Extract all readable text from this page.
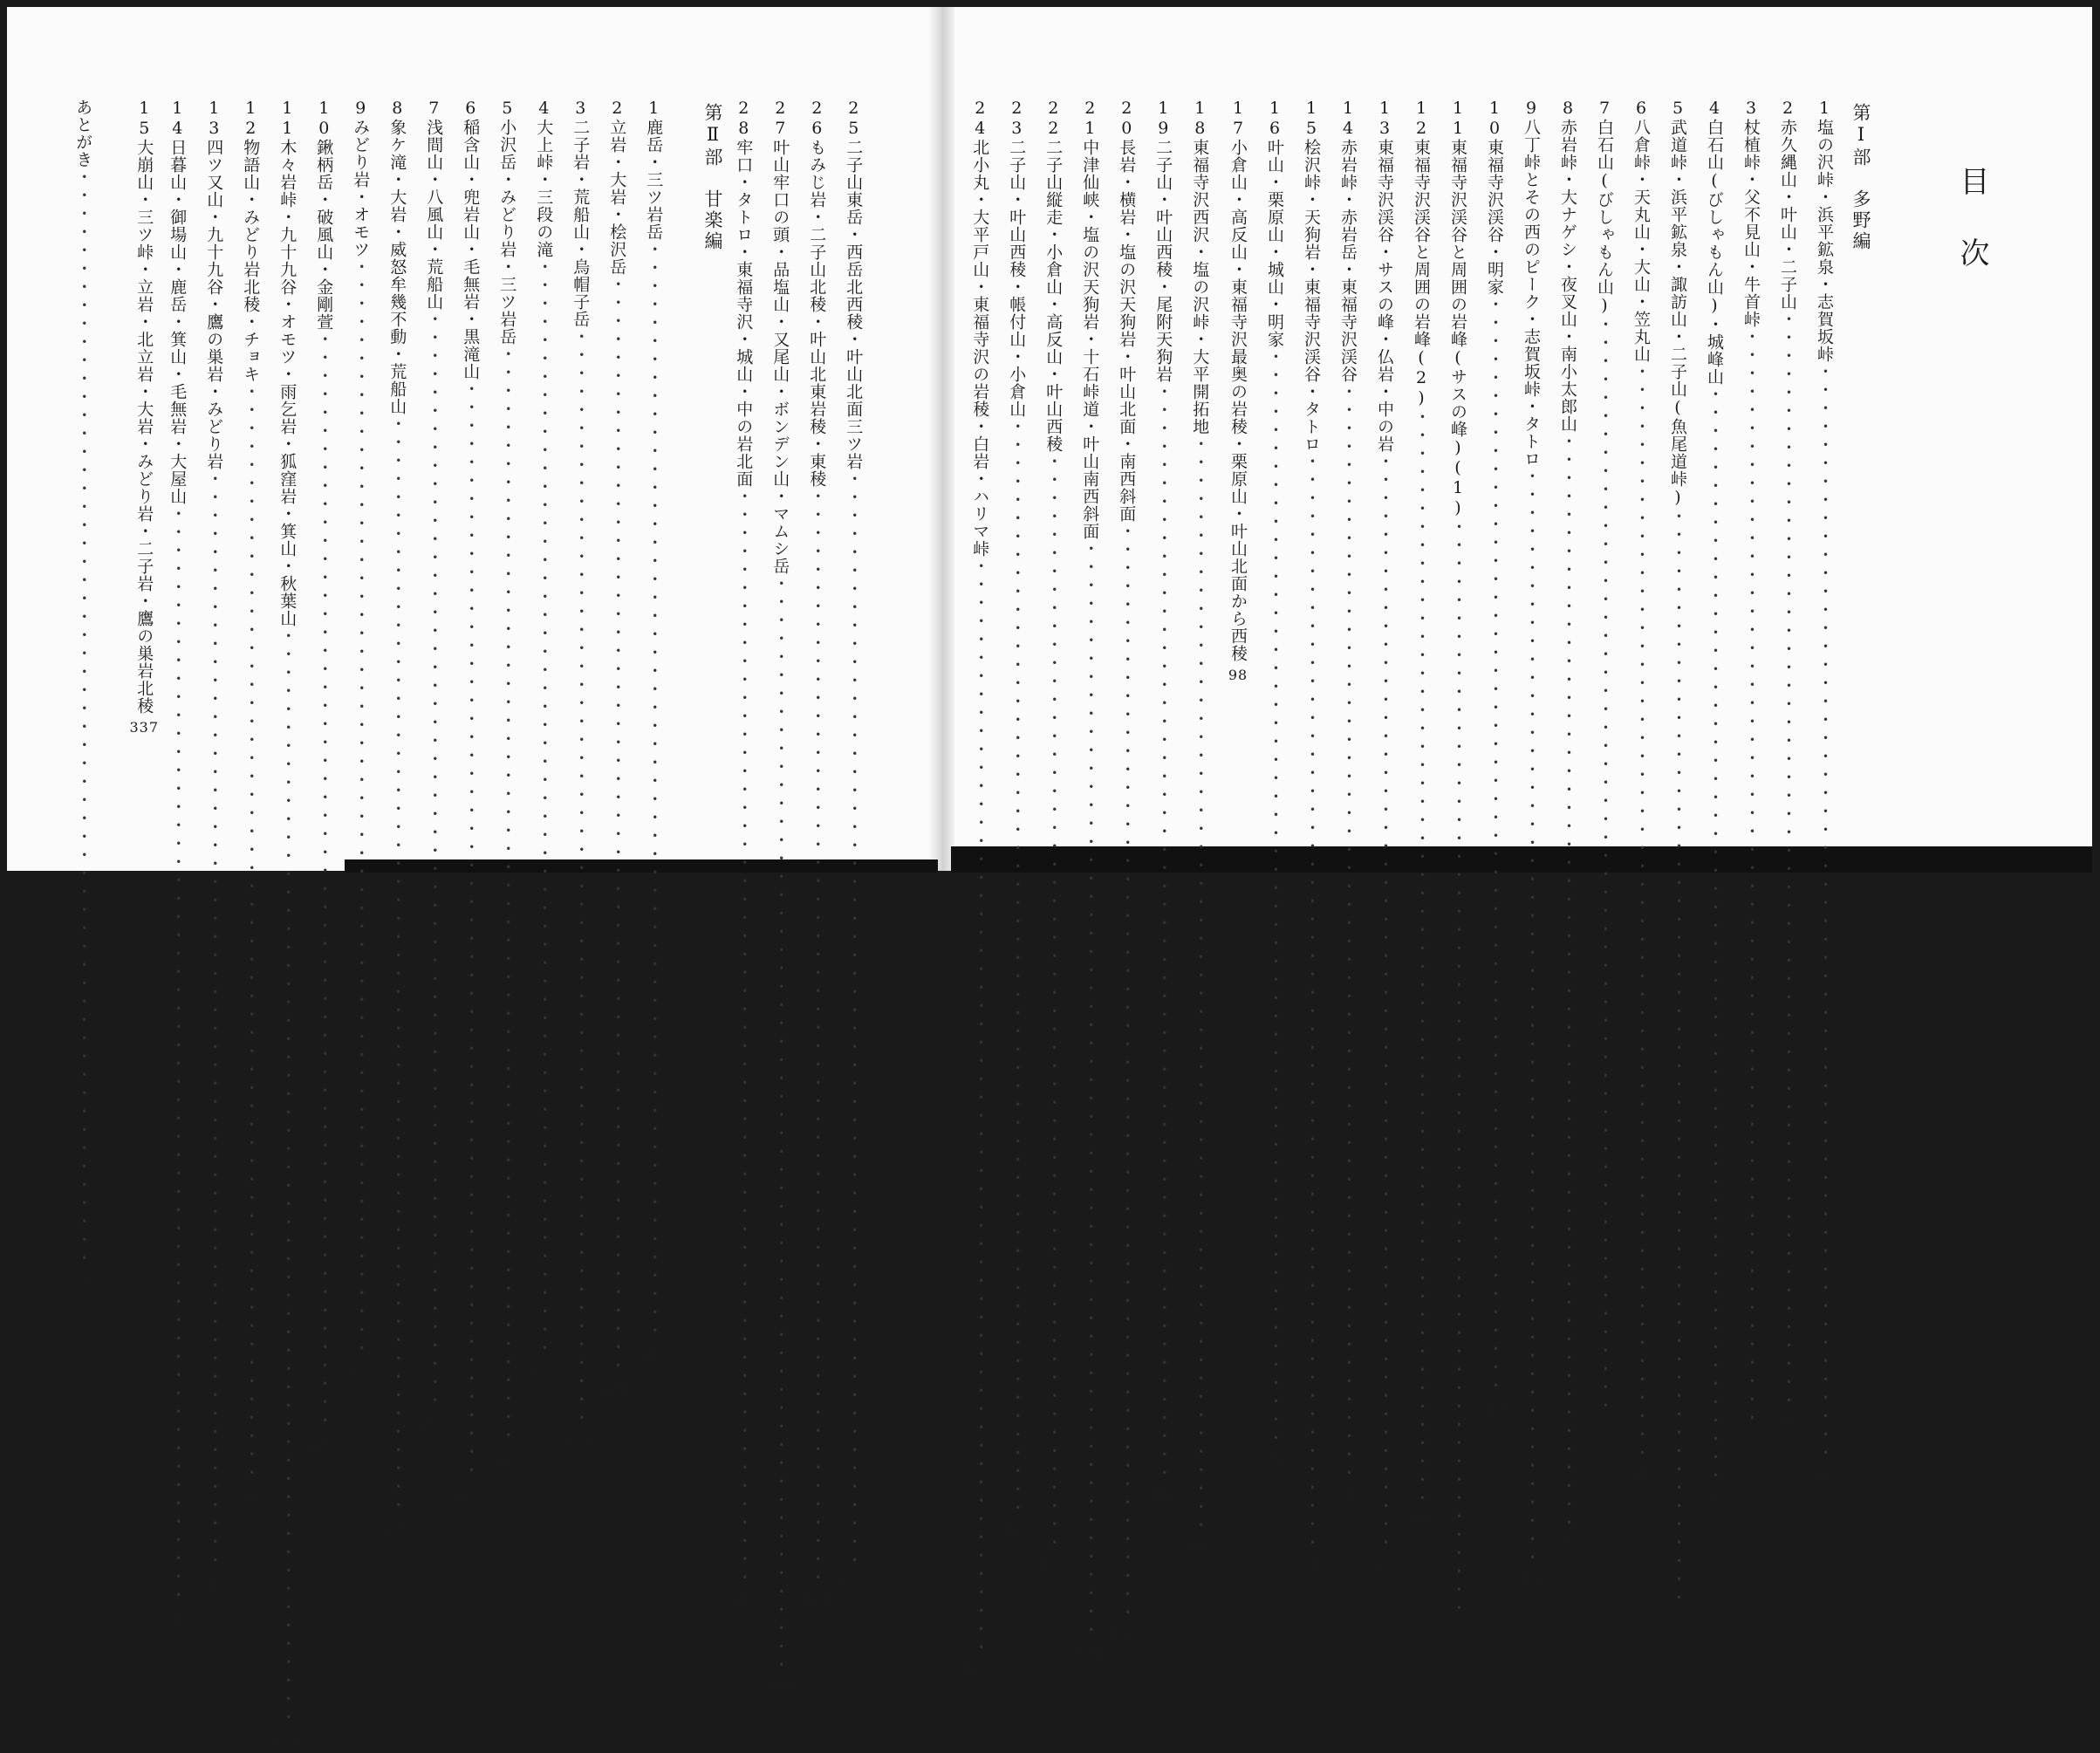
目次
第Ⅰ部　多野編
第Ⅱ部　甘楽編	1塩の沢峠・浜平鉱泉・志賀坂峠
・・・・・・・・・・・・・・・・・・・・・・・・・・・・・・・・・・・・・・・・・・・・・・・・・・・・・・・・・・・・
6
2赤久縄山・叶山・二子山
・・・・・・・・・・・・・・・・・・・・・・・・・・・・・・・・・・・・・・・・・・・・・・・・・・・・・・・・・・・・
9
3杖植峠・父不見山・牛首峠
・・・・・・・・・・・・・・・・・・・・・・・・・・・・・・・・・・・・・・・・・・・・・・・・・・・・・・・・・・・・
13
4白石山(びしゃもん山)・城峰山
・・・・・・・・・・・・・・・・・・・・・・・・・・・・・・・・・・・・・・・・・・・・・・・・・・・・・・・・・・・・
16
5武道峠・浜平鉱泉・諏訪山・二子山(魚尾道峠)
・・・・・・・・・・・・・・・・・・・・・・・・・・・・・・・・・・・・・・・・・・・・・・・・・・・・・・・・・・・・
18
6八倉峠・天丸山・大山・笠丸山
・・・・・・・・・・・・・・・・・・・・・・・・・・・・・・・・・・・・・・・・・・・・・・・・・・・・・・・・・・・・
24
7白石山(びしゃもん山)
・・・・・・・・・・・・・・・・・・・・・・・・・・・・・・・・・・・・・・・・・・・・・・・・・・・・・・・・・・・・
31
8赤岩峠・大ナゲシ・夜叉山・南小太郎山
・・・・・・・・・・・・・・・・・・・・・・・・・・・・・・・・・・・・・・・・・・・・・・・・・・・・・・・・・・・・
35
9八丁峠とその西のピーク・志賀坂峠・タトロ
・・・・・・・・・・・・・・・・・・・・・・・・・・・・・・・・・・・・・・・・・・・・・・・・・・・・・・・・・・・・
42
10東福寺沢渓谷・明家
・・・・・・・・・・・・・・・・・・・・・・・・・・・・・・・・・・・・・・・・・・・・・・・・・・・・・・・・・・・・
49
11東福寺沢渓谷と周囲の岩峰(サスの峰)(1)
・・・・・・・・・・・・・・・・・・・・・・・・・・・・・・・・・・・・・・・・・・・・・・・・・・・・・・・・・・・・
53
12東福寺沢渓谷と周囲の岩峰(2)
・・・・・・・・・・・・・・・・・・・・・・・・・・・・・・・・・・・・・・・・・・・・・・・・・・・・・・・・・・・・
60
13東福寺沢渓谷・サスの峰・仏岩・中の岩
・・・・・・・・・・・・・・・・・・・・・・・・・・・・・・・・・・・・・・・・・・・・・・・・・・・・・・・・・・・・
67
14赤岩峠・赤岩岳・東福寺沢渓谷
・・・・・・・・・・・・・・・・・・・・・・・・・・・・・・・・・・・・・・・・・・・・・・・・・・・・・・・・・・・・
74
15桧沢峠・天狗岩・東福寺沢渓谷・タトロ
・・・・・・・・・・・・・・・・・・・・・・・・・・・・・・・・・・・・・・・・・・・・・・・・・・・・・・・・・・・・
82
16叶山・栗原山・城山・明家
・・・・・・・・・・・・・・・・・・・・・・・・・・・・・・・・・・・・・・・・・・・・・・・・・・・・・・・・・・・・
89
17小倉山・高反山・東福寺沢最奥の岩稜・栗原山・叶山北面から西稜
98
18東福寺沢西沢・塩の沢峠・大平開拓地
・・・・・・・・・・・・・・・・・・・・・・・・・・・・・・・・・・・・・・・・・・・・・・・・・・・・・・・・・・・・
108
19二子山・叶山西稜・尾附天狗岩
・・・・・・・・・・・・・・・・・・・・・・・・・・・・・・・・・・・・・・・・・・・・・・・・・・・・・・・・・・・・
116
20長岩・横岩・塩の沢天狗岩・叶山北面・南西斜面
・・・・・・・・・・・・・・・・・・・・・・・・・・・・・・・・・・・・・・・・・・・・・・・・・・・・・・・・・・・・
121
21中津仙峡・塩の沢天狗岩・十石峠道・叶山南西斜面
・・・・・・・・・・・・・・・・・・・・・・・・・・・・・・・・・・・・・・・・・・・・・・・・・・・・・・・・・・・・
132
22二子山縦走・小倉山・高反山・叶山西稜
・・・・・・・・・・・・・・・・・・・・・・・・・・・・・・・・・・・・・・・・・・・・・・・・・・・・・・・・・・・・
137
23二子山・叶山西稜・帳付山・小倉山
・・・・・・・・・・・・・・・・・・・・・・・・・・・・・・・・・・・・・・・・・・・・・・・・・・・・・・・・・・・・
149
24北小丸・大平戸山・東福寺沢の岩稜・白岩・ハリマ峠
・・・・・・・・・・・・・・・・・・・・・・・・・・・・・・・・・・・・・・・・・・・・・・・・・・・・・・・・・・・・
161
25二子山東岳・西岳北西稜・叶山北面三ツ岩
・・・・・・・・・・・・・・・・・・・・・・・・・・・・・・・・・・・・・・・・・・・・・・・・・・・・・・・・・・・・
175
26もみじ岩・二子山北稜・叶山北東岩稜・東稜
・・・・・・・・・・・・・・・・・・・・・・・・・・・・・・・・・・・・・・・・・・・・・・・・・・・・・・・・・・・・
184
27叶山牢口の頭・品塩山・又尾山・ボンデン山・マムシ岳
・・・・・・・・・・・・・・・・・・・・・・・・・・・・・・・・・・・・・・・・・・・・・・・・・・・・・・・・・・・・
193
28牢口・タトロ・東福寺沢・城山・中の岩北面
・・・・・・・・・・・・・・・・・・・・・・・・・・・・・・・・・・・・・・・・・・・・・・・・・・・・・・・・・・・・
213
1鹿岳・三ツ岩岳
・・・・・・・・・・・・・・・・・・・・・・・・・・・・・・・・・・・・・・・・・・・・・・・・・・・・・・・・・・・・
230
2立岩・大岩・桧沢岳
・・・・・・・・・・・・・・・・・・・・・・・・・・・・・・・・・・・・・・・・・・・・・・・・・・・・・・・・・・・・
234
3二子岩・荒船山・烏帽子岳
・・・・・・・・・・・・・・・・・・・・・・・・・・・・・・・・・・・・・・・・・・・・・・・・・・・・・・・・・・・・
239
4大上峠・三段の滝
・・・・・・・・・・・・・・・・・・・・・・・・・・・・・・・・・・・・・・・・・・・・・・・・・・・・・・・・・・・・
245
5小沢岳・みどり岩・三ツ岩岳
・・・・・・・・・・・・・・・・・・・・・・・・・・・・・・・・・・・・・・・・・・・・・・・・・・・・・・・・・・・・
249
6稲含山・兜岩山・毛無岩・黒滝山
・・・・・・・・・・・・・・・・・・・・・・・・・・・・・・・・・・・・・・・・・・・・・・・・・・・・・・・・・・・・
257
7浅間山・八風山・荒船山
・・・・・・・・・・・・・・・・・・・・・・・・・・・・・・・・・・・・・・・・・・・・・・・・・・・・・・・・・・・・
265
8象ケ滝・大岩・威怒牟幾不動・荒船山
・・・・・・・・・・・・・・・・・・・・・・・・・・・・・・・・・・・・・・・・・・・・・・・・・・・・・・・・・・・・
270
9みどり岩・オモツ
・・・・・・・・・・・・・・・・・・・・・・・・・・・・・・・・・・・・・・・・・・・・・・・・・・・・・・・・・・・・
278
10鍬柄岳・破風山・金剛萱
・・・・・・・・・・・・・・・・・・・・・・・・・・・・・・・・・・・・・・・・・・・・・・・・・・・・・・・・・・・・
285
11木々岩峠・九十九谷・オモツ・雨乞岩・狐窪岩・箕山・秋葉山
・・・・・・・・・・・・・・・・・・・・・・・・・・・・・・・・・・・・・・・・・・・・・・・・・・・・・・・・・・・・
290
12物語山・みどり岩北稜・チョキ
・・・・・・・・・・・・・・・・・・・・・・・・・・・・・・・・・・・・・・・・・・・・・・・・・・・・・・・・・・・・
300
13四ツ又山・九十九谷・鷹の巣岩・みどり岩
・・・・・・・・・・・・・・・・・・・・・・・・・・・・・・・・・・・・・・・・・・・・・・・・・・・・・・・・・・・・
310
14日暮山・御場山・鹿岳・箕山・毛無岩・大屋山
・・・・・・・・・・・・・・・・・・・・・・・・・・・・・・・・・・・・・・・・・・・・・・・・・・・・・・・・・・・・
319
15大崩山・三ツ峠・立岩・北立岩・大岩・みどり岩・二子岩・鷹の巣岩北稜
337
あとがき
・・・・・・・・・・・・・・・・・・・・・・・・・・・・・・・・・・・・・・・・・・・・・・・・・・・・・・・・・・・・
357
